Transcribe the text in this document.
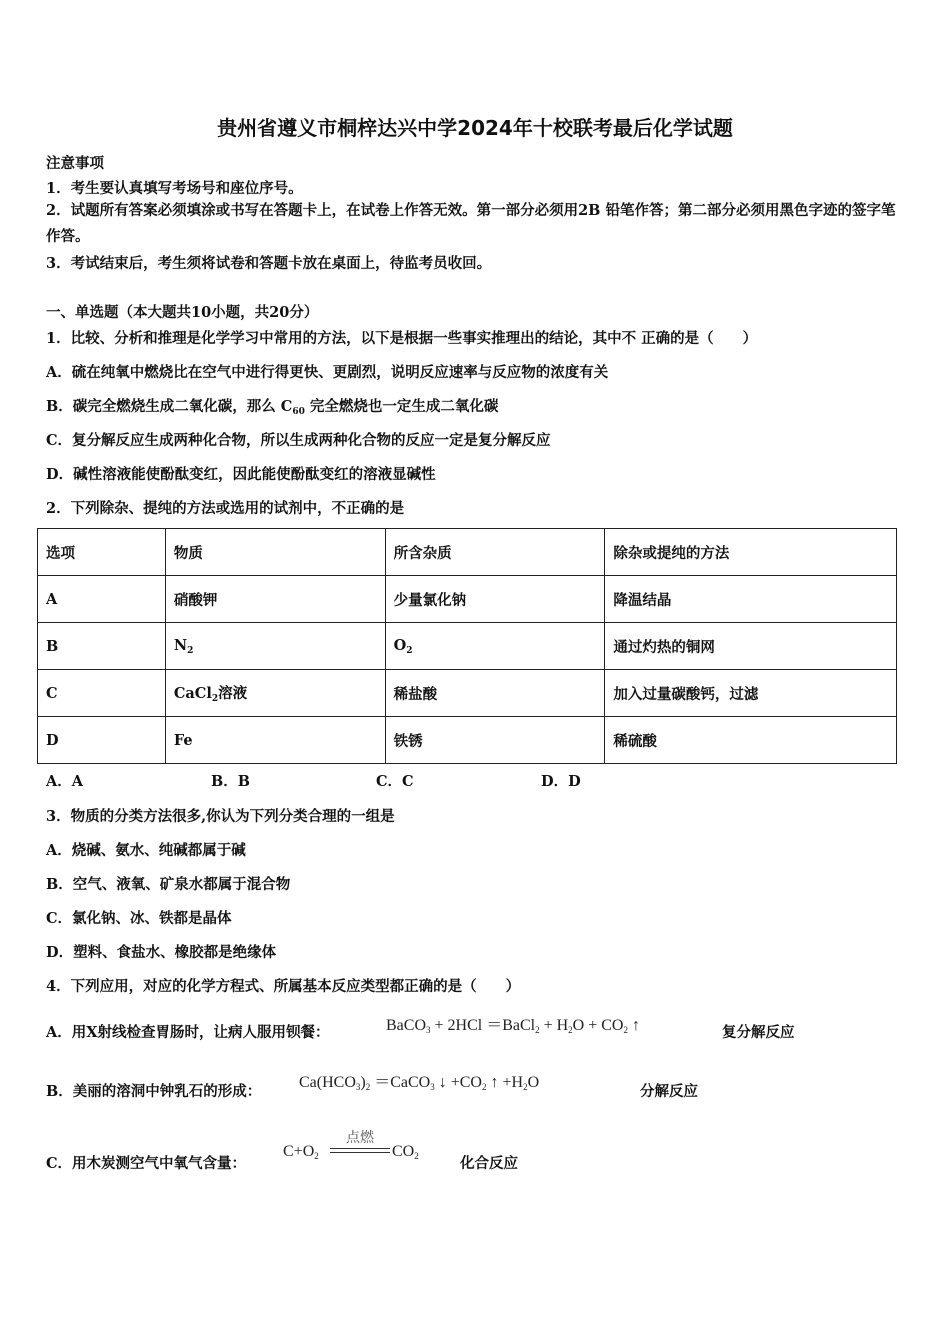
贵州省遵义市桐梓达兴中学2024年十校联考最后化学试题
注意事项
1．考生要认真填写考场号和座位序号。
2．试题所有答案必须填涂或书写在答题卡上，在试卷上作答无效。第一部分必须用2B 铅笔作答；第二部分必须用黑色字迹的签字笔作答。
3．考试结束后，考生须将试卷和答题卡放在桌面上，待监考员收回。
一、单选题（本大题共10小题，共20分）
1．比较、分析和推理是化学学习中常用的方法，以下是根据一些事实推理出的结论，其中不 正确的是（　　）
A．硫在纯氧中燃烧比在空气中进行得更快、更剧烈，说明反应速率与反应物的浓度有关
B．碳完全燃烧生成二氧化碳，那么 $C_{60}$ 完全燃烧也一定生成二氧化碳
C．复分解反应生成两种化合物，所以生成两种化合物的反应一定是复分解反应
D．碱性溶液能使酚酞变红，因此能使酚酞变红的溶液显碱性
2．下列除杂、提纯的方法或选用的试剂中，不正确的是
选项	物质	所含杂质	除杂或提纯的方法
A	硝酸钾	少量氯化钠	降温结晶
B	$N_2$	$O_2$	通过灼热的铜网
C	CaCl$_2$溶液	稀盐酸	加入过量碳酸钙，过滤
D	Fe	铁锈	稀硫酸
A．A	B．B	C．C	D．D
3．物质的分类方法很多,你认为下列分类合理的一组是
A．烧碱、氨水、纯碱都属于碱
B．空气、液氧、矿泉水都属于混合物
C．氯化钠、冰、铁都是晶体
D．塑料、食盐水、橡胶都是绝缘体
4．下列应用，对应的化学方程式、所属基本反应类型都正确的是（　　）
A．用X射线检查胃肠时，让病人服用钡餐：	BaCO$_3$ + 2HCl ＝BaCl$_2$ + $H_2O + CO_2$ ↑	复分解反应
B．美丽的溶洞中钟乳石的形成：
$Ca(HCO_3)_2$ ＝CaCO$_3$ ↓ $+CO_2$ ↑ $+H_2O$
分解反应
C．用木炭测空气中氧气含量：
$C+O_2$
点燃
$CO_2$	化合反应
